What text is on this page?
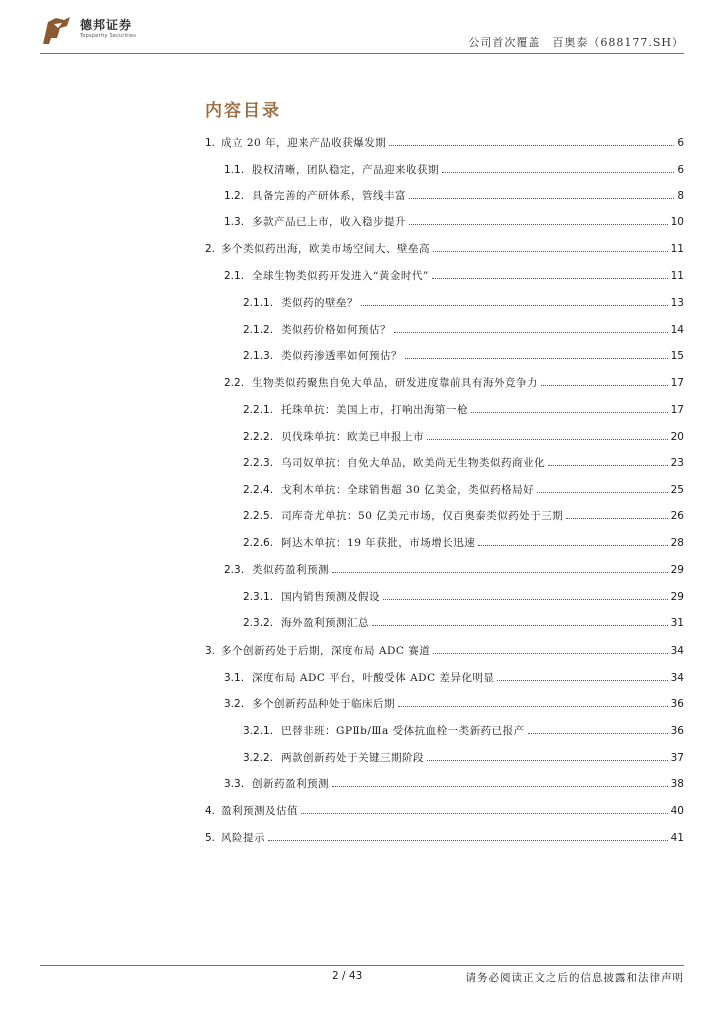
德邦证券
Topsperity Securities	公司首次覆盖　百奥泰（688177.SH）
内容目录
1. 成立 20 年，迎来产品收获爆发期	6
1.1. 股权清晰，团队稳定，产品迎来收获期	6
1.2. 具备完善的产研体系，管线丰富	8
1.3. 多款产品已上市，收入稳步提升	10
2. 多个类似药出海，欧美市场空间大、壁垒高	11
2.1. 全球生物类似药开发进入“黄金时代”	11
2.1.1. 类似药的壁垒？	13
2.1.2. 类似药价格如何预估？	14
2.1.3. 类似药渗透率如何预估？	15
2.2. 生物类似药聚焦自免大单品，研发进度靠前具有海外竞争力	17
2.2.1. 托珠单抗：美国上市，打响出海第一枪	17
2.2.2. 贝伐珠单抗：欧美已申报上市	20
2.2.3. 乌司奴单抗：自免大单品，欧美尚无生物类似药商业化	23
2.2.4. 戈利木单抗：全球销售超 30 亿美金，类似药格局好	25
2.2.5. 司库奇尤单抗：50 亿美元市场，仅百奥泰类似药处于三期	26
2.2.6. 阿达木单抗：19 年获批，市场增长迅速	28
2.3. 类似药盈利预测	29
2.3.1. 国内销售预测及假设	29
2.3.2. 海外盈利预测汇总	31
3. 多个创新药处于后期，深度布局 ADC 赛道	34
3.1. 深度布局 ADC 平台，叶酸受体 ADC 差异化明显	34
3.2. 多个创新药品种处于临床后期	36
3.2.1. 巴替非班：GPⅡb/Ⅲa 受体抗血栓一类新药已报产	36
3.2.2. 两款创新药处于关键三期阶段	37
3.3. 创新药盈利预测	38
4. 盈利预测及估值	40
5. 风险提示	41
2 / 43	请务必阅读正文之后的信息披露和法律声明
